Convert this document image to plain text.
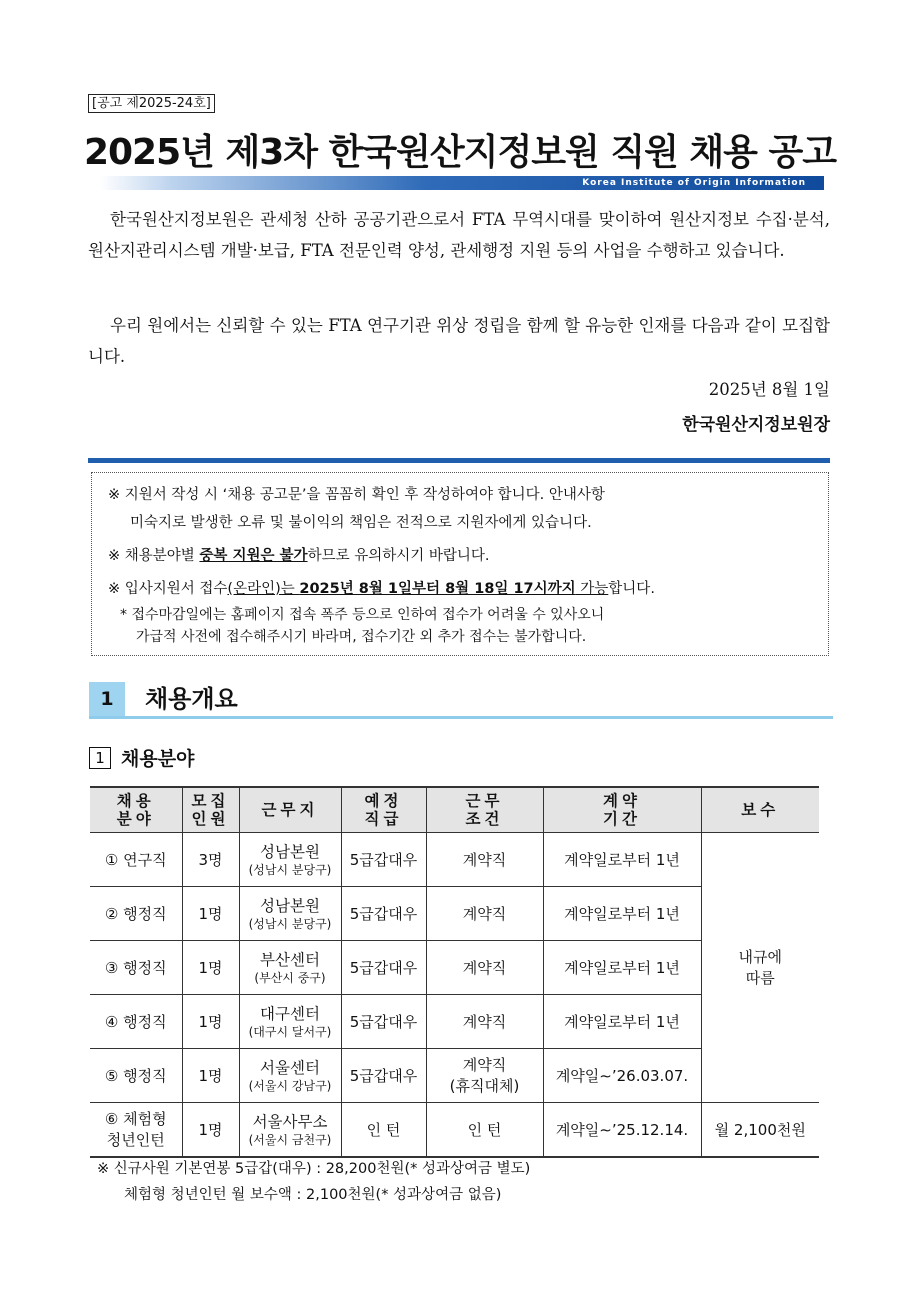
[공고 제2025-24호]
2025년 제3차 한국원산지정보원 직원 채용 공고
Korea Institute of Origin Information

한국원산지정보원은 관세청 산하 공공기관으로서 FTA 무역시대를 맞이하여 원산지정보 수집·분석, 원산지관리시스템 개발·보급, FTA 전문인력 양성, 관세행정 지원 등의 사업을 수행하고 있습니다.

우리 원에서는 신뢰할 수 있는 FTA 연구기관 위상 정립을 함께 할 유능한 인재를 다음과 같이 모집합니다.

2025년 8월 1일
한국원산지정보원장

※ 지원서 작성 시 ‘채용 공고문’을 꼼꼼히 확인 후 작성하여야 합니다. 안내사항

미숙지로 발생한 오류 및 불이익의 책임은 전적으로 지원자에게 있습니다.

※ 채용분야별 중복 지원은 불가하므로 유의하시기 바랍니다.

※ 입사지원서 접수(온라인)는 2025년 8월 1일부터 8월 18일 17시까지 가능합니다.

* 접수마감일에는 홈페이지 접속 폭주 등으로 인하여 접수가 어려울 수 있사오니

가급적 사전에 접수해주시기 바라며, 접수기간 외 추가 접수는 불가합니다.

1	채용개요
1 채용분야
채용
분야	모집
인원	근무지	예정
직급	근무
조건	계약
기간	보수
① 연구직	3명	성남본원
(성남시 분당구)	5급갑대우	계약직	계약일로부터 1년	내규에
따름

② 행정직	1명	성남본원
(성남시 분당구)	5급갑대우	계약직	계약일로부터 1년	
③ 행정직	1명	부산센터
(부산시 중구)	5급갑대우	계약직	계약일로부터 1년	
④ 행정직	1명	대구센터
(대구시 달서구)	5급갑대우	계약직	계약일로부터 1년	
⑤ 행정직	1명	서울센터
(서울시 강남구)	5급갑대우	계약직
(휴직대체)	계약일∼’26.03.07.	

⑥ 체험형
청년인턴	1명	서울사무소
(서울시 금천구)	인 턴	인 턴	계약일∼’25.12.14.	월 2,100천원

※ 신규사원 기본연봉 5급갑(대우) : 28,200천원(* 성과상여금 별도)

체험형 청년인턴 월 보수액 : 2,100천원(* 성과상여금 없음)
